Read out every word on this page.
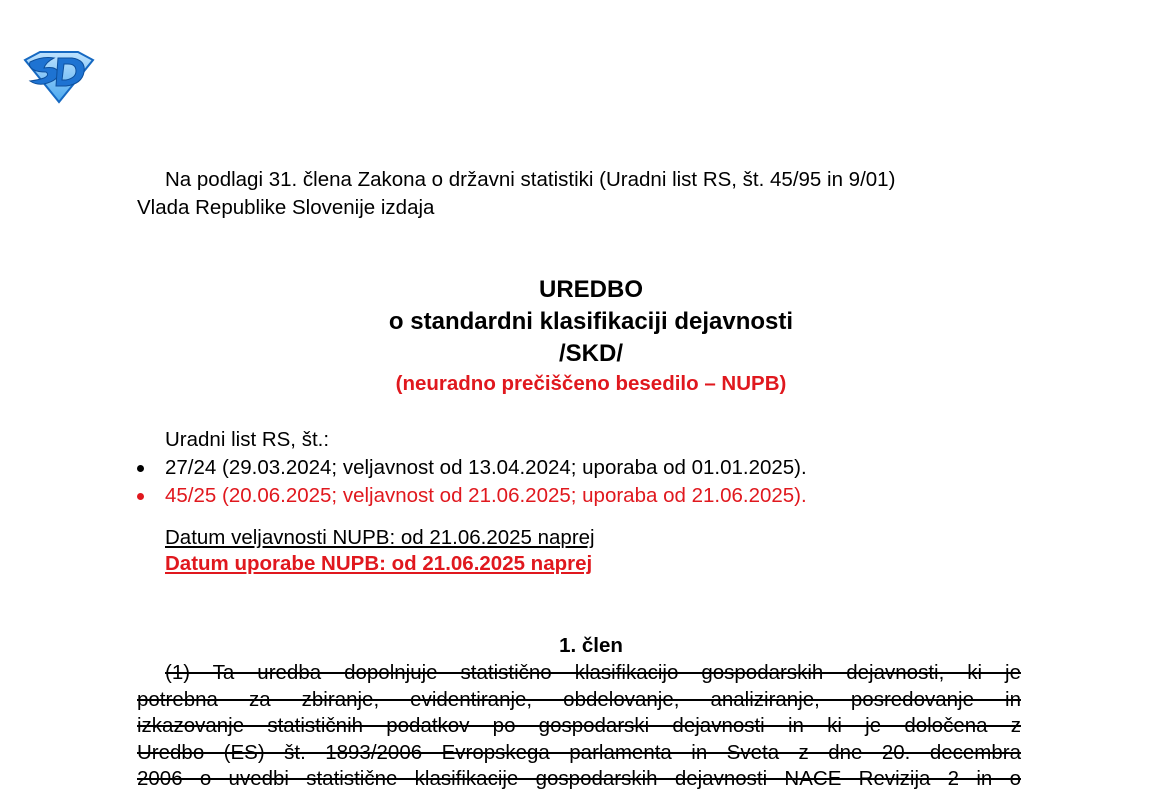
Na podlagi 31. člena Zakona o državni statistiki (Uradni list RS, št. 45/95 in 9/01)

Vlada Republike Slovenije izdaja

UREDBO
o standardni klasifikaciji dejavnosti
/SKD/
(neuradno prečiščeno besedilo – NUPB)
Uradni list RS, št.:
27/24 (29.03.2024; veljavnost od 13.04.2024; uporaba od 01.01.2025).
45/25 (20.06.2025; veljavnost od 21.06.2025; uporaba od 21.06.2025).
Datum veljavnosti NUPB: od 21.06.2025 naprej
Datum uporabe NUPB: od 21.06.2025 naprej
1. člen

(1) Ta uredba dopolnjuje statistično klasifikacijo gospodarskih dejavnosti, ki je

potrebna za zbiranje, evidentiranje, obdelovanje, analiziranje, posredovanje in

izkazovanje statističnih podatkov po gospodarski dejavnosti in ki je določena z

Uredbo (ES) št. 1893/2006 Evropskega parlamenta in Sveta z dne 20. decembra

2006 o uvedbi statistične klasifikacije gospodarskih dejavnosti NACE Revizija 2 in o
